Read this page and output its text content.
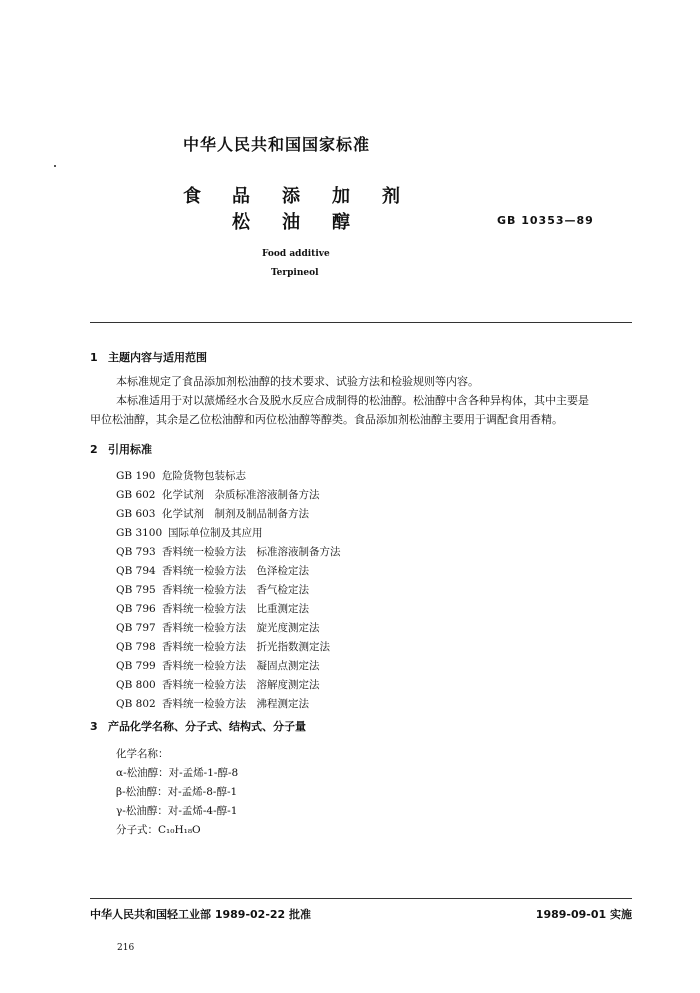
中华人民共和国国家标准
食 品 添 加 剂
松 油 醇	GB 10353—89
Food additive
Terpineol
1 主题内容与适用范围
本标准规定了食品添加剂松油醇的技术要求、试验方法和检验规则等内容。
本标准适用于对以蒎烯经水合及脱水反应合成制得的松油醇。松油醇中含各种异构体，其中主要是
甲位松油醇，其余是乙位松油醇和丙位松油醇等醇类。食品添加剂松油醇主要用于调配食用香精。
2 引用标准
GB 190 危险货物包装标志
GB 602 化学试剂　杂质标准溶液制备方法
GB 603 化学试剂　制剂及制品制备方法
GB 3100 国际单位制及其应用
QB 793 香料统一检验方法　标准溶液制备方法
QB 794 香料统一检验方法　色泽检定法
QB 795 香料统一检验方法　香气检定法
QB 796 香料统一检验方法　比重测定法
QB 797 香料统一检验方法　旋光度测定法
QB 798 香料统一检验方法　折光指数测定法
QB 799 香料统一检验方法　凝固点测定法
QB 800 香料统一检验方法　溶解度测定法
QB 802 香料统一检验方法　沸程测定法
3 产品化学名称、分子式、结构式、分子量
化学名称：
α-松油醇：对-孟烯-1-醇-8
β-松油醇：对-孟烯-8-醇-1
γ-松油醇：对-孟烯-4-醇-1
分子式：C₁₀H₁₈O
中华人民共和国轻工业部 1989-02-22 批准	1989-09-01 实施
216
